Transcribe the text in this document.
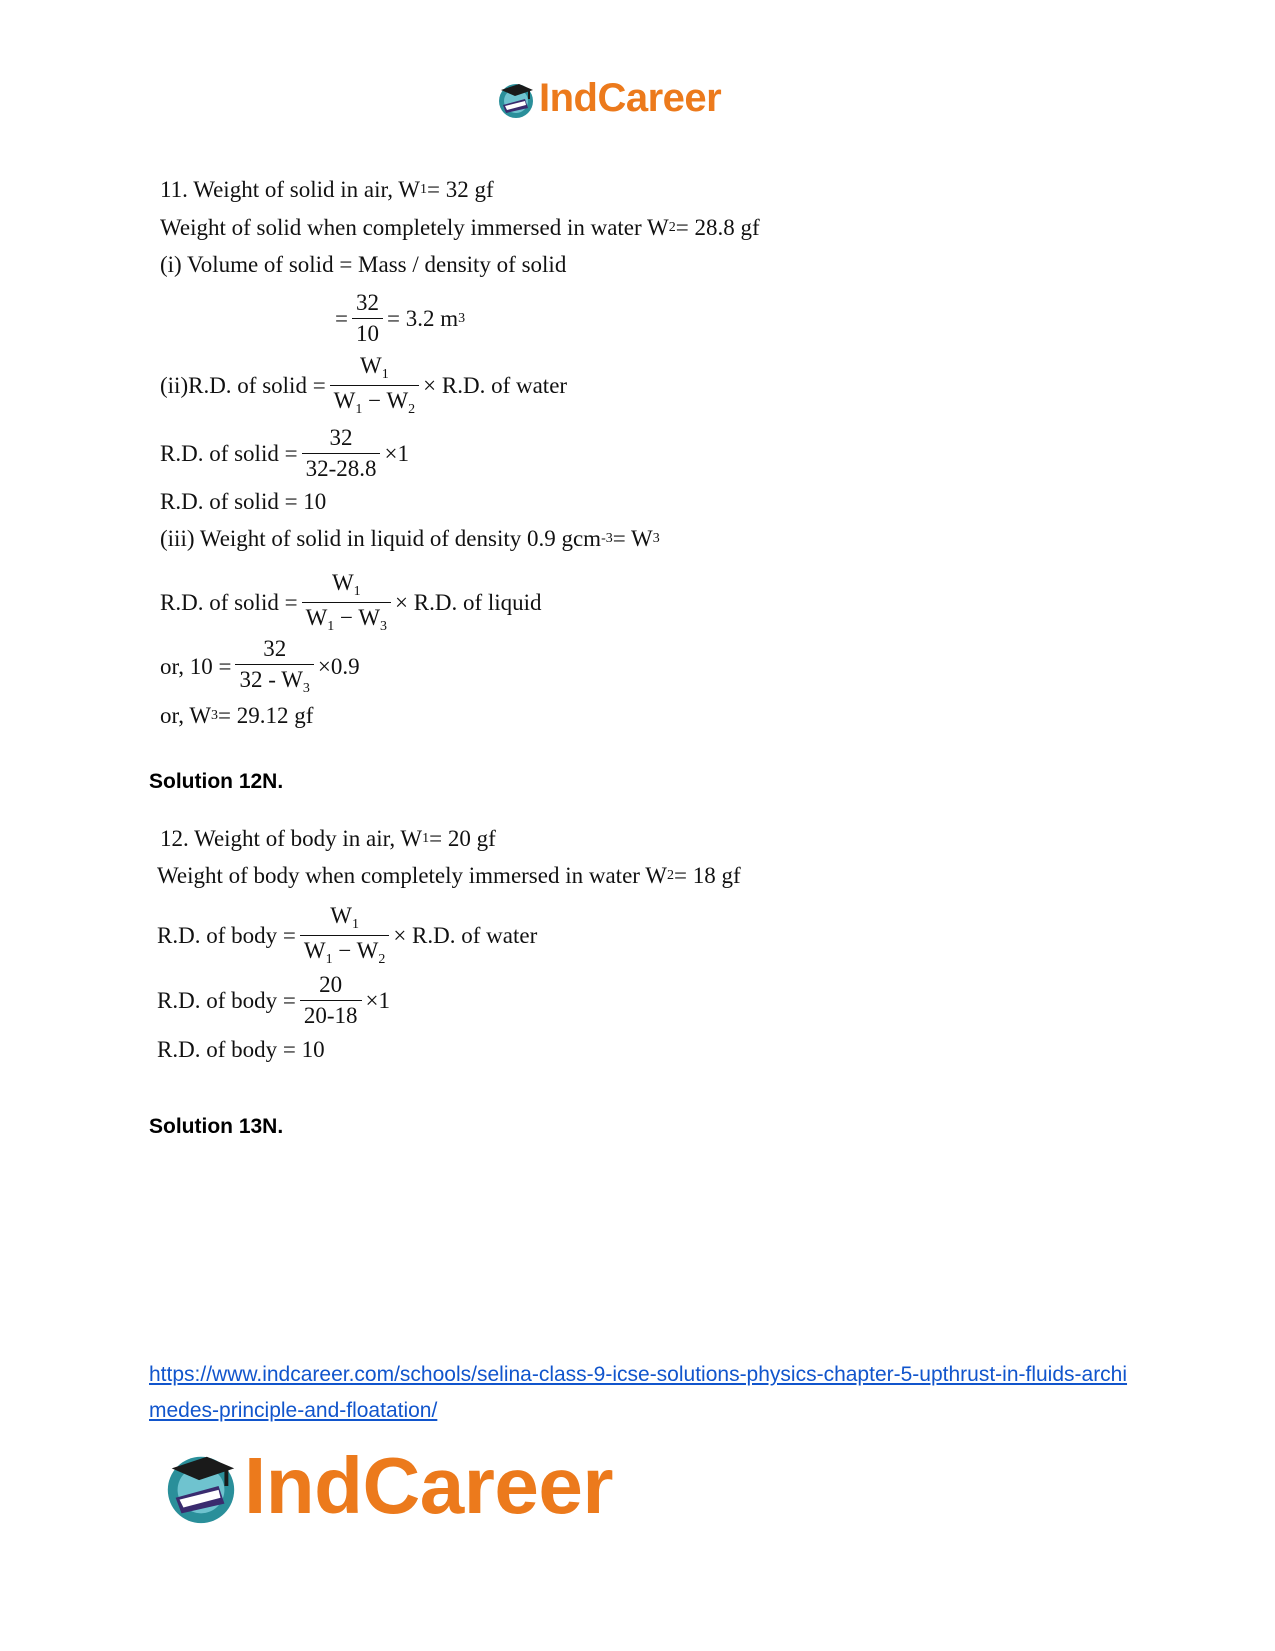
IndCareer
11. Weight of solid in air, W 1 = 32 gf
Weight of solid when completely immersed in water W 2 = 28.8 gf
(i) Volume of solid = Mass / density of solid
= $\frac{32}{10} = 3.2$ m 3
(ii)R.D. of solid = $\frac{W_1}{W_1 - W_2} \times R.D$. of water
R.D. of solid = $\frac{32}{32-28.8} \times 1$
R.D. of solid = 10
(iii) Weight of solid in liquid of density 0.9 gcm -3 = W 3
R.D. of solid = $\frac{W_1}{W_1 - W_3} \times R.D$. of liquid
or, $10 = \frac{32}{32 - W_3} \times 0.9$
or, W 3 = 29.12 gf
Solution 12N.
12. Weight of body in air, W 1 = 20 gf
Weight of body when completely immersed in water W 2 = 18 gf
R.D. of body = $\frac{W_1}{W_1 - W_2} \times R.D$. of water
R.D. of body = $\frac{20}{20-18} \times 1$
R.D. of body = 10
Solution 13N.
https://www.indcareer.com/schools/selina-class-9-icse-solutions-physics-chapter-5-upthrust-in-fluids-archimedes-principle-and-floatation/
IndCareer
